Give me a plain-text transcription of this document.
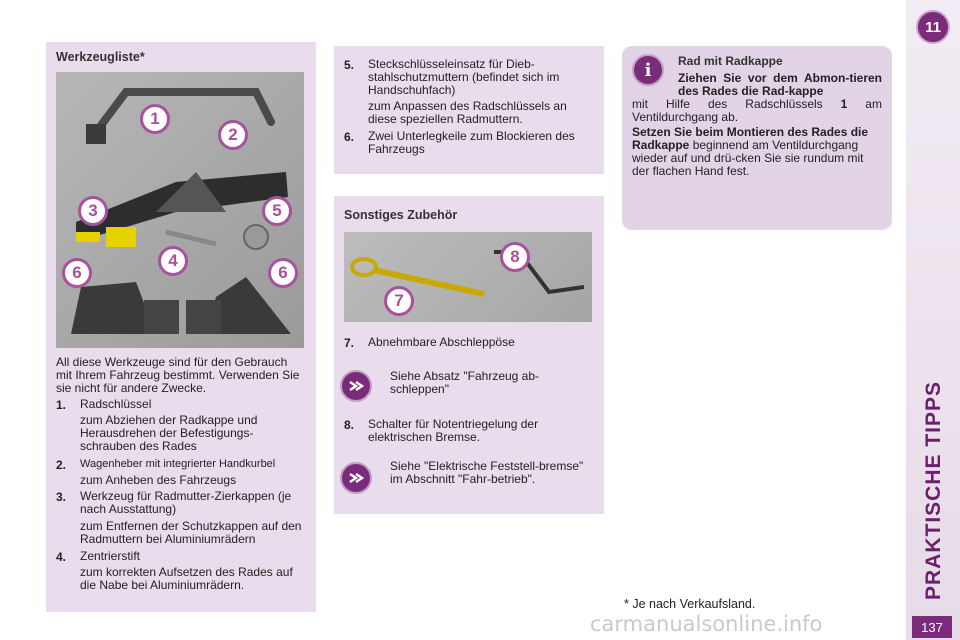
Werkzeugliste*
1
2
3	5
6
4
6
All diese Werkzeuge sind für den Gebrauch mit Ihrem Fahrzeug bestimmt. Verwenden Sie sie nicht für andere Zwecke.
1. Radschlüssel
zum Abziehen der Radkappe und Herausdrehen der Befestigungs-schrauben des Rades
2. Wagenheber mit integrierter Handkurbel
zum Anheben des Fahrzeugs
3. Werkzeug für Radmutter-Zierkappen (je nach Ausstattung)
zum Entfernen der Schutzkappen auf den Radmuttern bei Aluminiumrädern
4. Zentrierstift
zum korrekten Aufsetzen des Rades auf die Nabe bei Aluminiumrädern.
5. Steckschlüsseleinsatz für Dieb-stahlschutzmuttern (befindet sich im Handschuhfach)
zum Anpassen des Radschlüssels an diese speziellen Radmuttern.
6. Zwei Unterlegkeile zum Blockieren des Fahrzeugs
Sonstiges Zubehör
8
7
7. Abnehmbare Abschleppöse
Siehe Absatz "Fahrzeug ab-schleppen"
8. Schalter für Notentriegelung der elektrischen Bremse.
Siehe "Elektrische Feststell-bremse" im Abschnitt "Fahr-betrieb".
i	Rad mit Radkappe
Ziehen Sie vor dem Abmon-tieren des Rades die Rad-kappe
mit Hilfe des Radschlüssels 1 am Ventildurchgang ab.
Setzen Sie beim Montieren des Rades die Radkappe beginnend am Ventildurchgang wieder auf und drü-cken Sie sie rundum mit der flachen Hand fest.
* Je nach Verkaufsland.
11
PRAKTISCHE TIPPS
137
carmanualsonline.info
